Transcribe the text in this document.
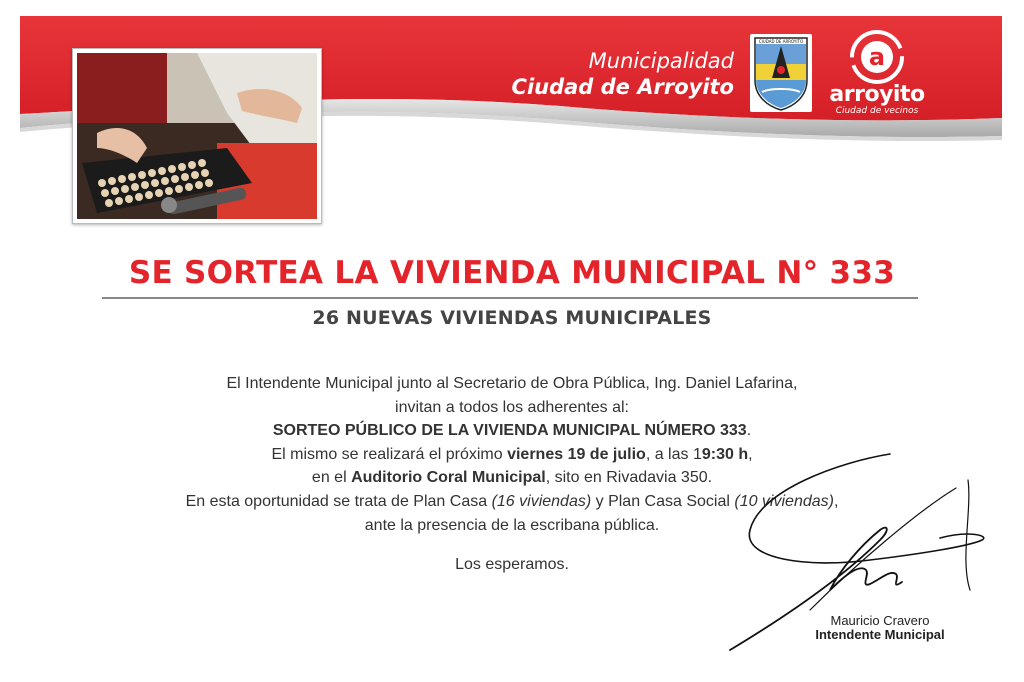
Municipalidad
Ciudad de Arroyito
CIUDAD DE ARROYITO
a
arroyito
Ciudad de vecinos
SE SORTEA LA VIVIENDA MUNICIPAL N° 333
26 NUEVAS VIVIENDAS MUNICIPALES

El Intendente Municipal junto al Secretario de Obra Pública, Ing. Daniel Lafarina,

invitan a todos los adherentes al:

SORTEO PÚBLICO DE LA VIVIENDA MUNICIPAL NÚMERO 333.

El mismo se realizará el próximo viernes 19 de julio, a las 19:30 h,

en el Auditorio Coral Municipal, sito en Rivadavia 350.

En esta oportunidad se trata de Plan Casa (16 viviendas) y Plan Casa Social (10 viviendas),

ante la presencia de la escribana pública.

Los esperamos.
Mauricio Cravero
Intendente Municipal
